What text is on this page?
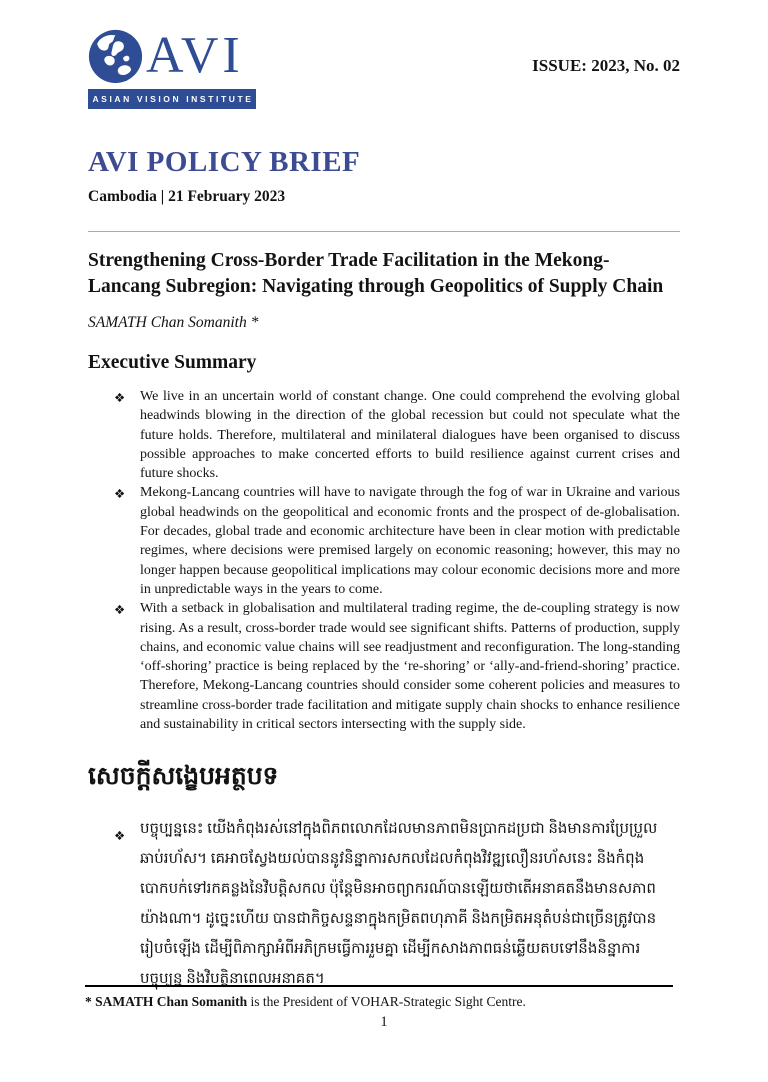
AVI
ASIAN VISION INSTITUTE
ISSUE: 2023, No. 02
AVI POLICY BRIEF
Cambodia | 21 February 2023
Strengthening Cross-Border Trade Facilitation in the Mekong-Lancang Subregion: Navigating through Geopolitics of Supply Chain
SAMATH Chan Somanith *
Executive Summary
❖ We live in an uncertain world of constant change. One could comprehend the evolving global headwinds blowing in the direction of the global recession but could not speculate what the future holds. Therefore, multilateral and minilateral dialogues have been organised to discuss possible approaches to make concerted efforts to build resilience against current crises and future shocks.
❖ Mekong-Lancang countries will have to navigate through the fog of war in Ukraine and various global headwinds on the geopolitical and economic fronts and the prospect of de-globalisation. For decades, global trade and economic architecture have been in clear motion with predictable regimes, where decisions were premised largely on economic reasoning; however, this may no longer happen because geopolitical implications may colour economic decisions more and more in unpredictable ways in the years to come.
❖ With a setback in globalisation and multilateral trading regime, the de-coupling strategy is now rising. As a result, cross-border trade would see significant shifts. Patterns of production, supply chains, and economic value chains will see readjustment and reconfiguration. The long-standing ‘off-shoring’ practice is being replaced by the ‘re-shoring’ or ‘ally-and-friend-shoring’ practice. Therefore, Mekong-Lancang countries should consider some coherent policies and measures to streamline cross-border trade facilitation and mitigate supply chain shocks to enhance resilience and sustainability in critical sectors intersecting with the supply side.
សេចក្តីសង្ខេបអត្ថបទ
❖ បច្ចុប្បន្ននេះ យើងកំពុងរស់នៅក្នុងពិភពលោកដែលមានភាពមិនប្រាកដប្រជា និងមានការប្រែប្រួលឆាប់រហ័ស។ គេអាចស្វែងយល់បាននូវនិន្នាការសកលដែលកំពុងវិវឌ្ឍលឿនរហ័សនេះ និងកំពុងបោកបក់ទៅរកគន្លងនៃវិបត្តិសកល ប៉ុន្តែមិនអាចព្យាករណ៍បានឡើយថាតើអនាគតនឹងមានសភាពយ៉ាងណា។ ដូច្នេះហើយ បានជាកិច្ចសន្ទនាក្នុងកម្រិតពហុភាគី និងកម្រិតអនុតំបន់ជាច្រើនត្រូវបានរៀបចំឡើង ដើម្បីពិភាក្សាអំពីអភិក្រមធ្វើការរួមគ្នា ដើម្បីកសាងភាពធន់ឆ្លើយតបទៅនឹងនិន្នាការបច្ចុប្បន្ន និងវិបត្តិនាពេលអនាគត។
* SAMATH Chan Somanith is the President of VOHAR-Strategic Sight Centre.
1
